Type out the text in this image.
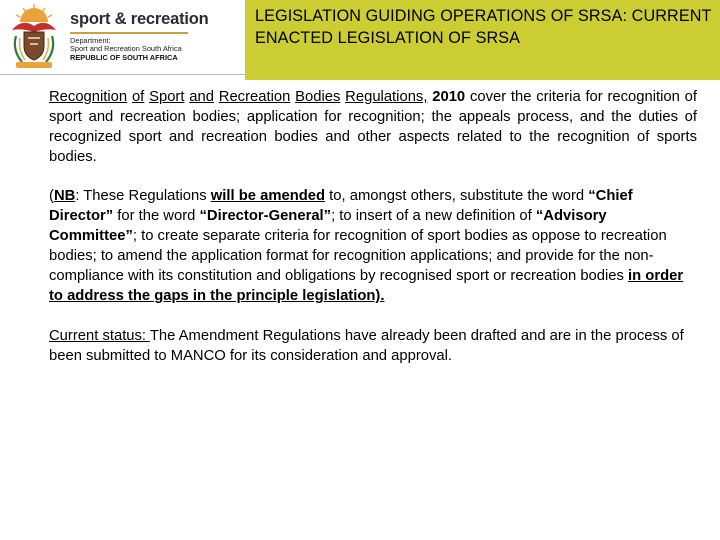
sport & recreation
Department:
Sport and Recreation South Africa
REPUBLIC OF SOUTH AFRICA
LEGISLATION GUIDING OPERATIONS OF SRSA: CURRENT ENACTED LEGISLATION OF SRSA

Recognition of Sport and Recreation Bodies Regulations, 2010 cover the criteria for recognition of sport and recreation bodies; application for recognition; the appeals process, and the duties of recognized sport and recreation bodies and other aspects related to the recognition of sports bodies.

(NB: These Regulations will be amended to, amongst others, substitute the word “Chief Director” for the word “Director-General”; to insert of a new definition of “Advisory Committee”; to create separate criteria for recognition of sport bodies as oppose to recreation bodies; to amend the application format for recognition applications; and provide for the non-compliance with its constitution and obligations by recognised sport or recreation bodies in order to address the gaps in the principle legislation).

Current status: The Amendment Regulations have already been drafted and are in the process of been submitted to MANCO for its consideration and approval.
